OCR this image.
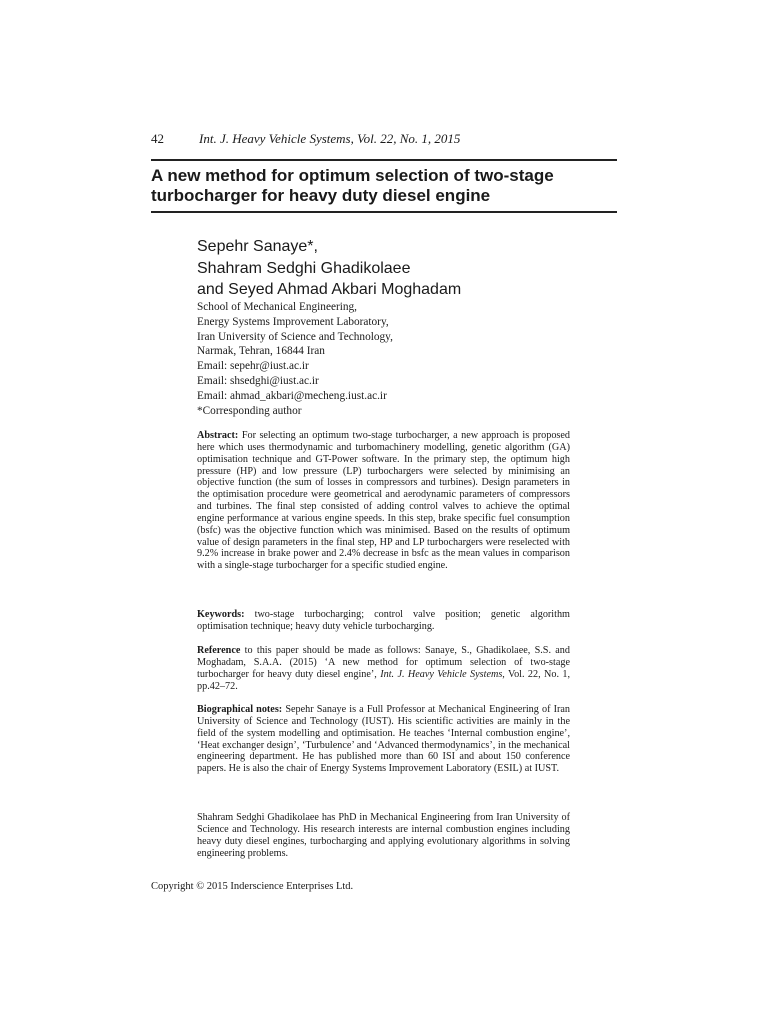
42	Int. J. Heavy Vehicle Systems, Vol. 22, No. 1, 2015
A new method for optimum selection of two-stage turbocharger for heavy duty diesel engine
Sepehr Sanaye*,
Shahram Sedghi Ghadikolaee
and Seyed Ahmad Akbari Moghadam
School of Mechanical Engineering,
Energy Systems Improvement Laboratory,
Iran University of Science and Technology,
Narmak, Tehran, 16844 Iran
Email: sepehr@iust.ac.ir
Email: shsedghi@iust.ac.ir
Email: ahmad_akbari@mecheng.iust.ac.ir
*Corresponding author
Abstract: For selecting an optimum two-stage turbocharger, a new approach is proposed here which uses thermodynamic and turbomachinery modelling, genetic algorithm (GA) optimisation technique and GT-Power software. In the primary step, the optimum high pressure (HP) and low pressure (LP) turbochargers were selected by minimising an objective function (the sum of losses in compressors and turbines). Design parameters in the optimisation procedure were geometrical and aerodynamic parameters of compressors and turbines. The final step consisted of adding control valves to achieve the optimal engine performance at various engine speeds. In this step, brake specific fuel consumption (bsfc) was the objective function which was minimised. Based on the results of optimum value of design parameters in the final step, HP and LP turbochargers were reselected with 9.2% increase in brake power and 2.4% decrease in bsfc as the mean values in comparison with a single-stage turbocharger for a specific studied engine.
Keywords: two-stage turbocharging; control valve position; genetic algorithm optimisation technique; heavy duty vehicle turbocharging.
Reference to this paper should be made as follows: Sanaye, S., Ghadikolaee, S.S. and Moghadam, S.A.A. (2015) ‘A new method for optimum selection of two-stage turbocharger for heavy duty diesel engine’, Int. J. Heavy Vehicle Systems, Vol. 22, No. 1, pp.42–72.
Biographical notes: Sepehr Sanaye is a Full Professor at Mechanical Engineering of Iran University of Science and Technology (IUST). His scientific activities are mainly in the field of the system modelling and optimisation. He teaches ‘Internal combustion engine’, ‘Heat exchanger design’, ‘Turbulence’ and ‘Advanced thermodynamics’, in the mechanical engineering department. He has published more than 60 ISI and about 150 conference papers. He is also the chair of Energy Systems Improvement Laboratory (ESIL) at IUST.
Shahram Sedghi Ghadikolaee has PhD in Mechanical Engineering from Iran University of Science and Technology. His research interests are internal combustion engines including heavy duty diesel engines, turbocharging and applying evolutionary algorithms in solving engineering problems.
Copyright © 2015 Inderscience Enterprises Ltd.
